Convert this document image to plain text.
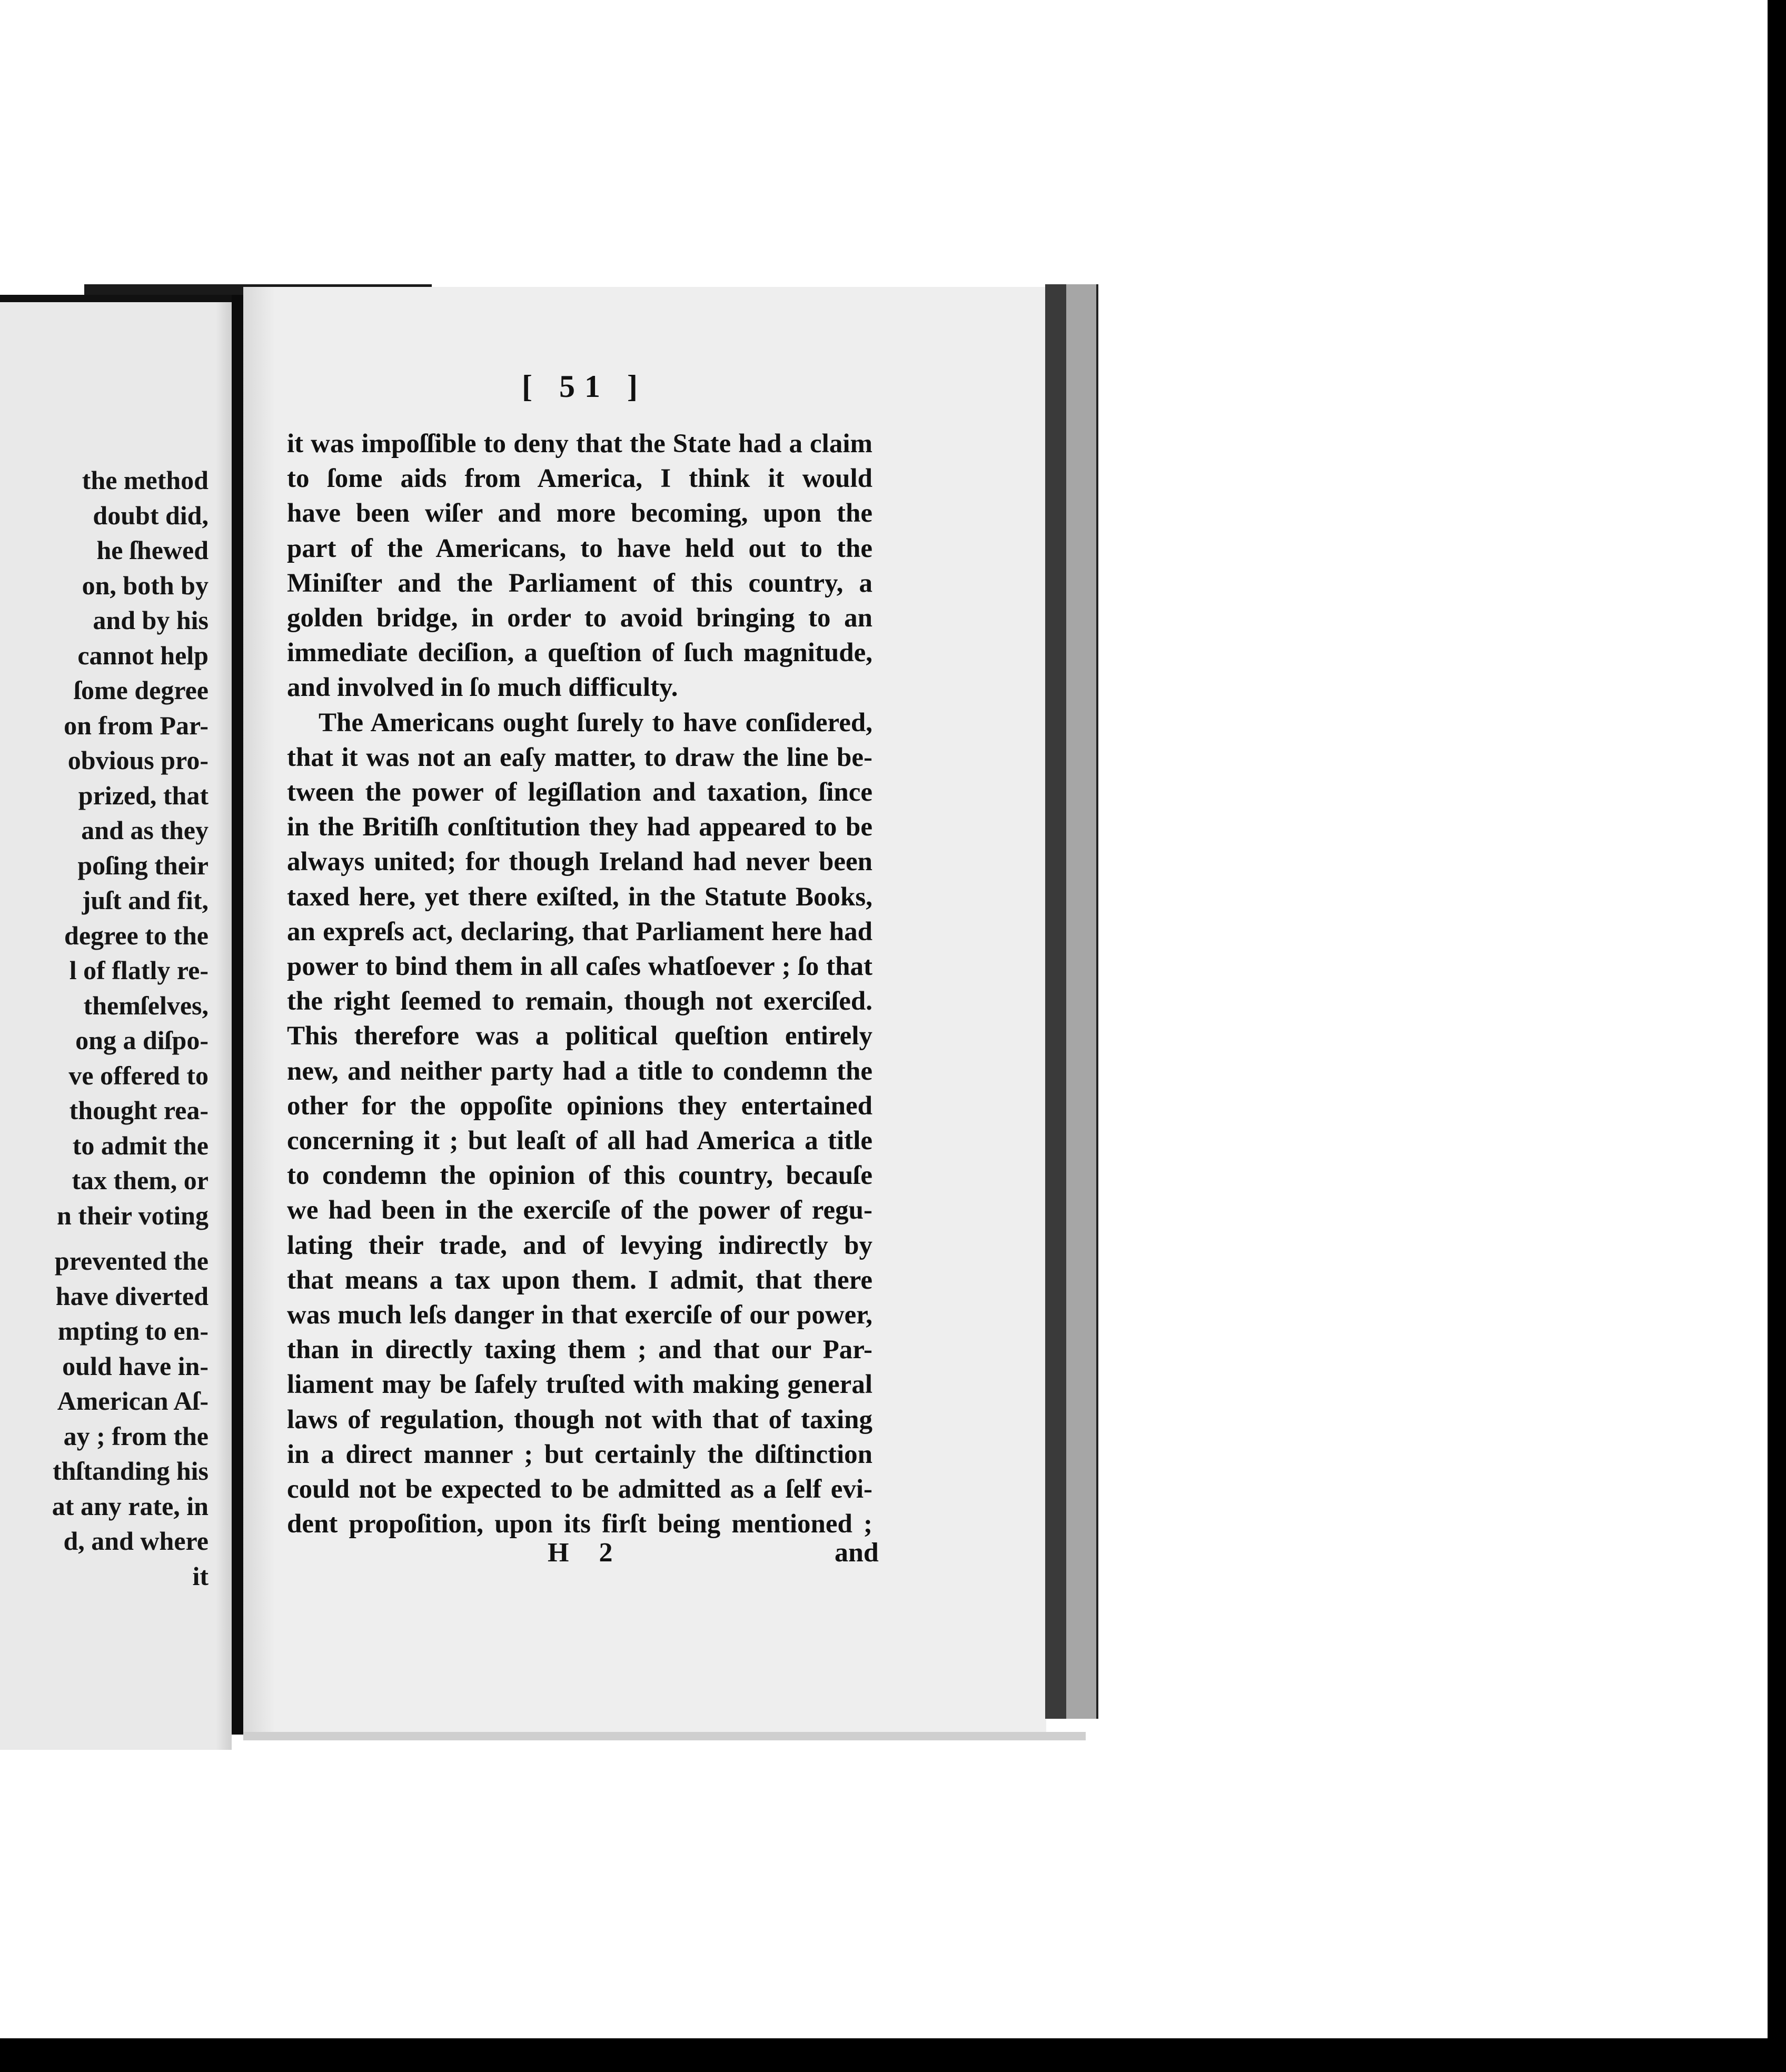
the method
doubt did,
he ſhewed
on, both by
and by his
cannot help
ſome degree
on from Par-
obvious pro-
prized, that
and as they
poſing their
juſt and fit,
degree to the
l of flatly re-
themſelves,
ong a diſpo-
ve offered to
thought rea-
to admit the
tax them, or
n their voting
prevented the
have diverted
mpting to en-
ould have in-
American Aſ-
ay ; from the
thſtanding his
at any rate, in
d, and where
it
[ 51 ]
it was impoſſible to deny that the State had a claim
to ſome aids from America, I think it would
have been wiſer and more becoming, upon the
part of the Americans, to have held out to the
Miniſter and the Parliament of this country, a
golden bridge, in order to avoid bringing to an
immediate deciſion, a queſtion of ſuch magnitude,
and involved in ſo much difficulty.
The Americans ought ſurely to have conſidered,
that it was not an eaſy matter, to draw the line be-
tween the power of legiſlation and taxation, ſince
in the Britiſh conſtitution they had appeared to be
always united; for though Ireland had never been
taxed here, yet there exiſted, in the Statute Books,
an expreſs act, declaring, that Parliament here had
power to bind them in all caſes whatſoever ; ſo that
the right ſeemed to remain, though not exerciſed.
This therefore was a political queſtion entirely
new, and neither party had a title to condemn the
other for the oppoſite opinions they entertained
concerning it ; but leaſt of all had America a title
to condemn the opinion of this country, becauſe
we had been in the exerciſe of the power of regu-
lating their trade, and of levying indirectly by
that means a tax upon them. I admit, that there
was much leſs danger in that exerciſe of our power,
than in directly taxing them ; and that our Par-
liament may be ſafely truſted with making general
laws of regulation, though not with that of taxing
in a direct manner ; but certainly the diſtinction
could not be expected to be admitted as a ſelf evi-
dent propoſition, upon its firſt being mentioned ;
H 2	and
